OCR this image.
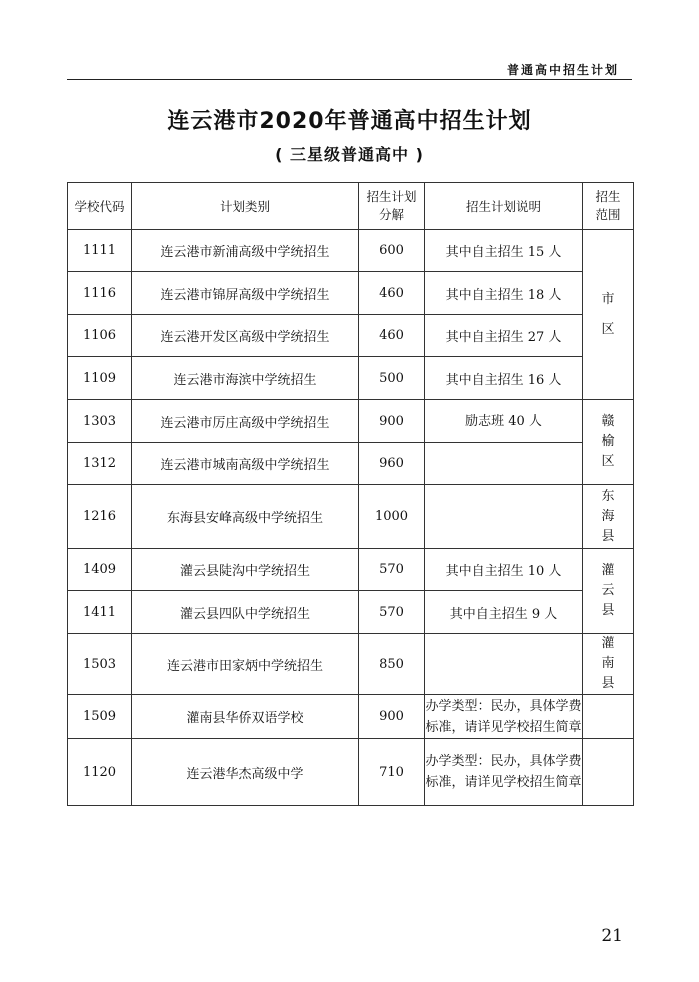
普通高中招生计划
连云港市2020年普通高中招生计划
( 三星级普通高中 )
学校代码	计划类别	招生计划分解	招生计划说明	招生范围
1111	连云港市新浦高级中学统招生	600	其中自主招生 15 人	市区
1116	连云港市锦屏高级中学统招生	460	其中自主招生 18 人	
1106	连云港开发区高级中学统招生	460	其中自主招生 27 人	
1109	连云港市海滨中学统招生	500	其中自主招生 16 人	
1303	连云港市厉庄高级中学统招生	900	励志班 40 人	赣榆区
1312	连云港市城南高级中学统招生	960		
1216	东海县安峰高级中学统招生	1000		东海县
1409	灌云县陡沟中学统招生	570	其中自主招生 10 人	灌云县
1411	灌云县四队中学统招生	570	其中自主招生 9 人	
1503	连云港市田家炳中学统招生	850		灌南县
1509	灌南县华侨双语学校	900	办学类型：民办，具体学费标准，请详见学校招生简章	
1120	连云港华杰高级中学	710	办学类型：民办，具体学费标准，请详见学校招生简章	
21
